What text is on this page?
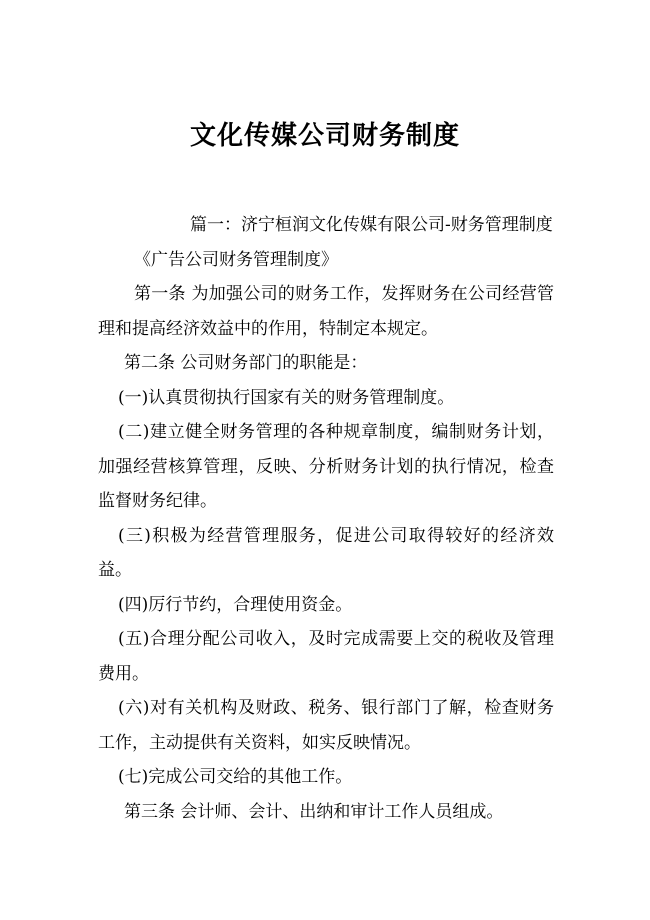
文化传媒公司财务制度

篇一：济宁桓润文化传媒有限公司-财务管理制度

《广告公司财务管理制度》

第一条 为加强公司的财务工作，发挥财务在公司经营管理和提高经济效益中的作用，特制定本规定。

第二条 公司财务部门的职能是：

(一)认真贯彻执行国家有关的财务管理制度。

(二)建立健全财务管理的各种规章制度，编制财务计划，加强经营核算管理，反映、分析财务计划的执行情况，检查监督财务纪律。

(三)积极为经营管理服务，促进公司取得较好的经济效益。

(四)厉行节约，合理使用资金。

(五)合理分配公司收入，及时完成需要上交的税收及管理费用。

(六)对有关机构及财政、税务、银行部门了解，检查财务工作，主动提供有关资料，如实反映情况。

(七)完成公司交给的其他工作。

第三条 会计师、会计、出纳和审计工作人员组成。
